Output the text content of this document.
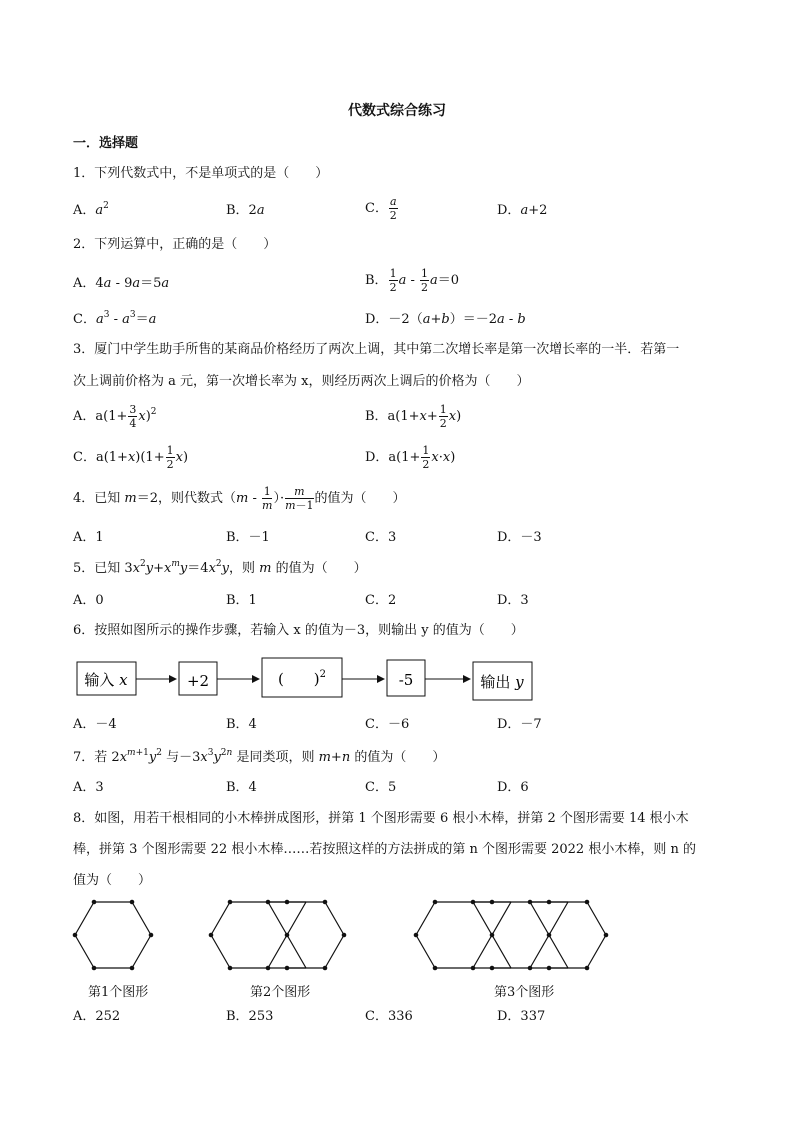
代数式综合练习
一．选择题
1．下列代数式中，不是单项式的是（　　）
A．$a^2$	B．2a	C． $\frac{a}{2}$	D．a+2
2．下列运算中，正确的是（　　）
A．4a - 9a＝5a	B． $\frac{1}{2}$ $a - \frac{1}{2} a=0$
C．$a^3 - a^3=a$	D．－2（a+b）＝－2a - b
3．厦门中学生助手所售的某商品价格经历了两次上调，其中第二次增长率是第一次增长率的一半．若第一
次上调前价格为 a 元，第一次增长率为 x，则经历两次上调后的价格为（　　）
A．$a(1+ \frac{3}{4} x)^2$	B．$a(1+x+ \frac{1}{2} x)$
C．$a(1+x)(1+ \frac{1}{2} x)$	D．$a(1+ \frac{1}{2} x\cdot x)$
4．已知 m＝2，则代数式（$m - \frac{1}{m}$ ）· $\frac{m}{m-1}$ 的值为（　　）
A．1	B．－1	C．3	D．－3
5．已知 $3x^2y+x^my=4x^2y$，则 m 的值为（　　）
A．0	B．1	C．2	D．3
6．按照如图所示的操作步骤，若输入 x 的值为－3，则输出 y 的值为（　　）
输入 x	+2	(　　)$^2$	-5	输出 y
A．－4	B．4	C．－6	D．－7
7．若 $2x^{m+1}y^2$ 与$-3x^3y^{2n}$ 是同类项，则 m+n 的值为（　　）
A．3	B．4	C．5	D．6
8．如图，用若干根相同的小木棒拼成图形，拼第 1 个图形需要 6 根小木棒，拼第 2 个图形需要 14 根小木
棒，拼第 3 个图形需要 22 根小木棒……若按照这样的方法拼成的第 n 个图形需要 2022 根小木棒，则 n 的
值为（　　）
第1个图形	第2个图形	第3个图形
A．252	B．253	C．336	D．337
